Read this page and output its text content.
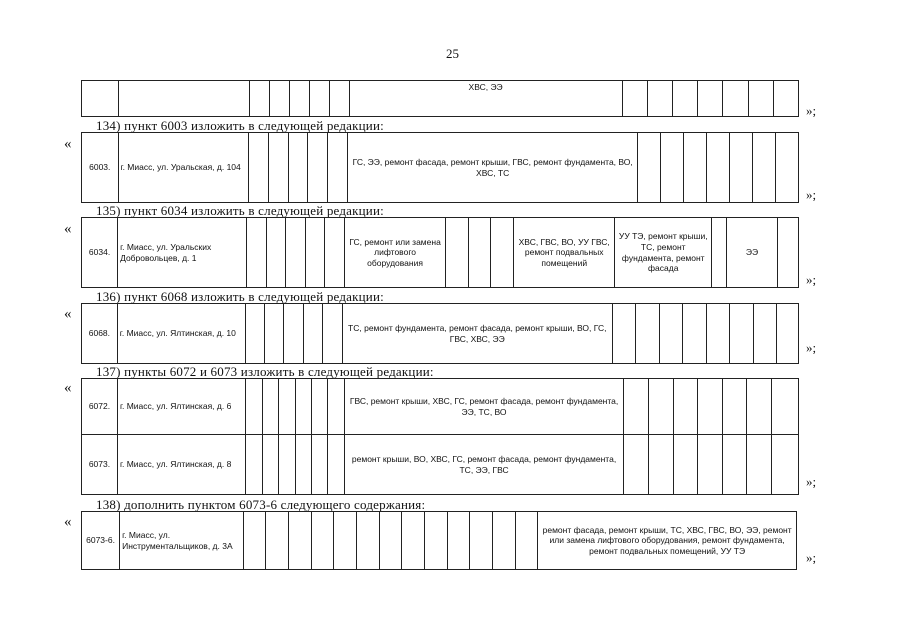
25
							ХВС, ЭЭ							
»;
134) пункт 6003 изложить в следующей редакции:
«
6003.	г. Миасс, ул. Уральская, д. 104						ГС, ЭЭ, ремонт фасада, ремонт крыши, ГВС, ремонт фундамента, ВО, ХВС, ТС							
»;
135) пункт 6034 изложить в следующей редакции:
«
6034.	г. Миасс, ул. Уральских Добровольцев, д. 1						ГС, ремонт или замена лифтового оборудования				ХВС, ГВС, ВО, УУ ГВС, ремонт подвальных помещений	УУ ТЭ, ремонт крыши, ТС, ремонт фундамента, ремонт фасада		ЭЭ	
»;
136) пункт 6068 изложить в следующей редакции:
«
6068.	г. Миасс, ул. Ялтинская, д. 10						ТС, ремонт фундамента, ремонт фасада, ремонт крыши, ВО, ГС, ГВС, ХВС, ЭЭ								
»;
137) пункты 6072 и 6073 изложить в следующей редакции:
«
6072.	г. Миасс, ул. Ялтинская, д. 6							ГВС, ремонт крыши, ХВС, ГС, ремонт фасада, ремонт фундамента, ЭЭ, ТС, ВО							
6073.	г. Миасс, ул. Ялтинская, д. 8							ремонт крыши, ВО, ХВС, ГС, ремонт фасада, ремонт фундамента, ТС, ЭЭ, ГВС							
»;
138) дополнить пунктом 6073-6 следующего содержания:
«
6073-6.	г. Миасс, ул. Инструментальщиков, д. 3А														ремонт фасада, ремонт крыши, ТС, ХВС, ГВС, ВО, ЭЭ, ремонт или замена лифтового оборудования, ремонт фундамента, ремонт подвальных помещений, УУ ТЭ	»;
